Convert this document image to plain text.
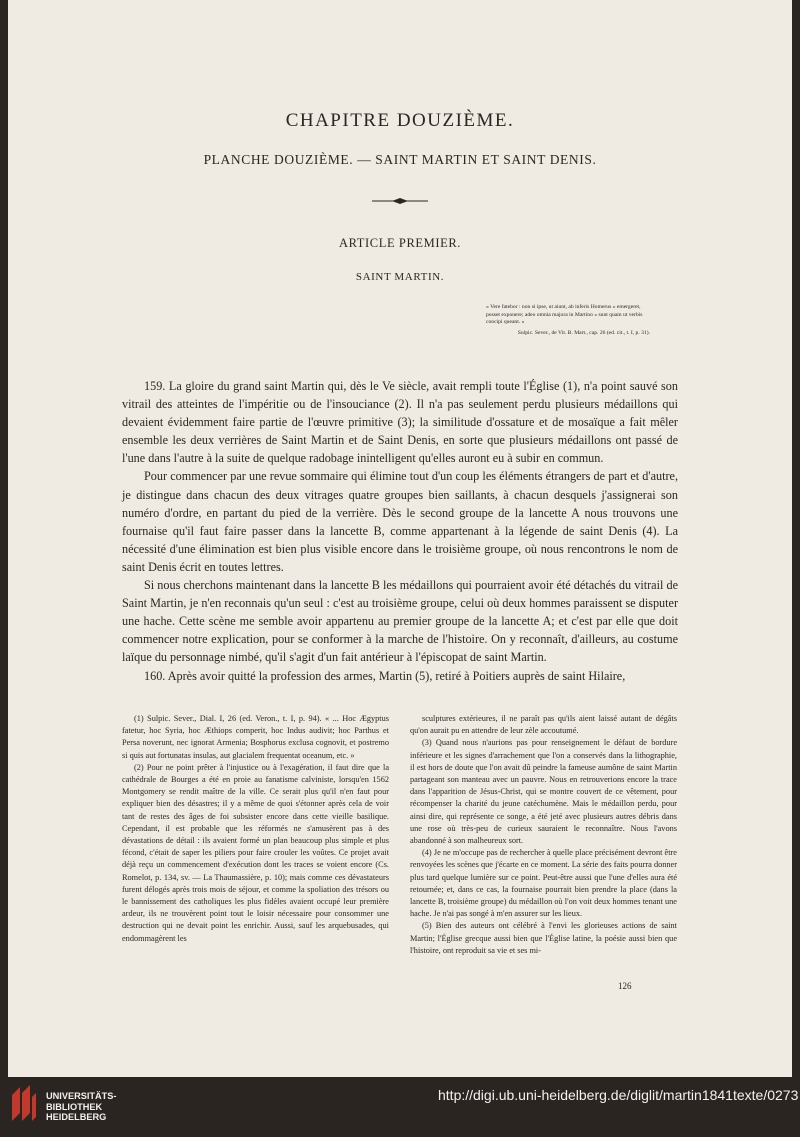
CHAPITRE DOUZIÈME.
PLANCHE DOUZIÈME. — SAINT MARTIN ET SAINT DENIS.
ARTICLE PREMIER.
SAINT MARTIN.
« Vere fatebor : non si ipse, ut aiunt, ab inferis Homerus « emergeret, posset exponere; adeo omnia majora in Martino « sunt quam ut verbis concipi queant. »
Sulpic. Sever., de Vit. B. Mart., cap. 26 (ed. cit., t. I, p. 31).

159. La gloire du grand saint Martin qui, dès le Ve siècle, avait rempli toute l'Église (1), n'a point sauvé son vitrail des atteintes de l'impéritie ou de l'insouciance (2). Il n'a pas seulement perdu plusieurs médaillons qui devaient évidemment faire partie de l'œuvre primitive (3); la similitude d'ossature et de mosaïque a fait mêler ensemble les deux verrières de Saint Martin et de Saint Denis, en sorte que plusieurs médaillons ont passé de l'une dans l'autre à la suite de quelque radobage inintelligent qu'elles auront eu à subir en commun.

Pour commencer par une revue sommaire qui élimine tout d'un coup les éléments étrangers de part et d'autre, je distingue dans chacun des deux vitrages quatre groupes bien saillants, à chacun desquels j'assignerai son numéro d'ordre, en partant du pied de la verrière. Dès le second groupe de la lancette A nous trouvons une fournaise qu'il faut faire passer dans la lancette B, comme appartenant à la légende de saint Denis (4). La nécessité d'une élimination est bien plus visible encore dans le troisième groupe, où nous rencontrons le nom de saint Denis écrit en toutes lettres.

Si nous cherchons maintenant dans la lancette B les médaillons qui pourraient avoir été détachés du vitrail de Saint Martin, je n'en reconnais qu'un seul : c'est au troisième groupe, celui où deux hommes paraissent se disputer une hache. Cette scène me semble avoir appartenu au premier groupe de la lancette A; et c'est par elle que doit commencer notre explication, pour se conformer à la marche de l'histoire. On y reconnaît, d'ailleurs, au costume laïque du personnage nimbé, qu'il s'agit d'un fait antérieur à l'épiscopat de saint Martin.

160. Après avoir quitté la profession des armes, Martin (5), retiré à Poitiers auprès de saint Hilaire,

(1) Sulpic. Sever., Dial. I, 26 (ed. Veron., t. I, p. 94). « ... Hoc Ægyptus fatetur, hoc Syria, hoc Æthiops comperit, hoc Indus audivit; hoc Parthus et Persa noverunt, nec ignorat Armenia; Bosphorus exclusa cognovit, et postremo si quis aut fortunatas insulas, aut glacialem frequentat oceanum, etc. »

(2) Pour ne point prêter à l'injustice ou à l'exagération, il faut dire que la cathédrale de Bourges a été en proie au fanatisme calviniste, lorsqu'en 1562 Montgomery se rendit maître de la ville. Ce serait plus qu'il n'en faut pour expliquer bien des désastres; il y a même de quoi s'étonner après cela de voir tant de restes des âges de foi subsister encore dans cette vieille basilique. Cependant, il est probable que les réformés ne s'amusèrent pas à des dévastations de détail : ils avaient formé un plan beaucoup plus simple et plus fécond, c'était de saper les piliers pour faire crouler les voûtes. Ce projet avait déjà reçu un commencement d'exécution dont les traces se voient encore (Cs. Romelot, p. 134, sv. — La Thaumassière, p. 10); mais comme ces dévastateurs furent délogés après trois mois de séjour, et comme la spoliation des trésors ou le bannissement des catholiques les plus fidèles avaient occupé leur première ardeur, ils ne trouvèrent point tout le loisir nécessaire pour consommer une destruction qui ne devait point les enrichir. Aussi, sauf les arquebusades, qui endommagèrent les

sculptures extérieures, il ne paraît pas qu'ils aient laissé autant de dégâts qu'on aurait pu en attendre de leur zèle accoutumé.

(3) Quand nous n'aurions pas pour renseignement le défaut de bordure inférieure et les signes d'arrachement que l'on a conservés dans la lithographie, il est hors de doute que l'on avait dû peindre la fameuse aumône de saint Martin partageant son manteau avec un pauvre. Nous en retrouverions encore la trace dans l'apparition de Jésus-Christ, qui se montre couvert de ce vêtement, pour récompenser la charité du jeune catéchumène. Mais le médaillon perdu, pour ainsi dire, qui représente ce songe, a été jeté avec plusieurs autres débris dans une rose où très-peu de curieux sauraient le reconnaître. Nous l'avons abandonné à son malheureux sort.

(4) Je ne m'occupe pas de rechercher à quelle place précisément devront être renvoyées les scènes que j'écarte en ce moment. La série des faits pourra donner plus tard quelque lumière sur ce point. Peut-être aussi que l'une d'elles aura été retournée; et, dans ce cas, la fournaise pourrait bien prendre la place (dans la lancette B, troisième groupe) du médaillon où l'on voit deux hommes tenant une hache. Je n'ai pas songé à m'en assurer sur les lieux.

(5) Bien des auteurs ont célébré à l'envi les glorieuses actions de saint Martin; l'Église grecque aussi bien que l'Église latine, la poésie aussi bien que l'histoire, ont reproduit sa vie et ses mi-

126
UNIVERSITÄTS-
BIBLIOTHEK
HEIDELBERG
http://digi.ub.uni-heidelberg.de/diglit/martin1841texte/0273
